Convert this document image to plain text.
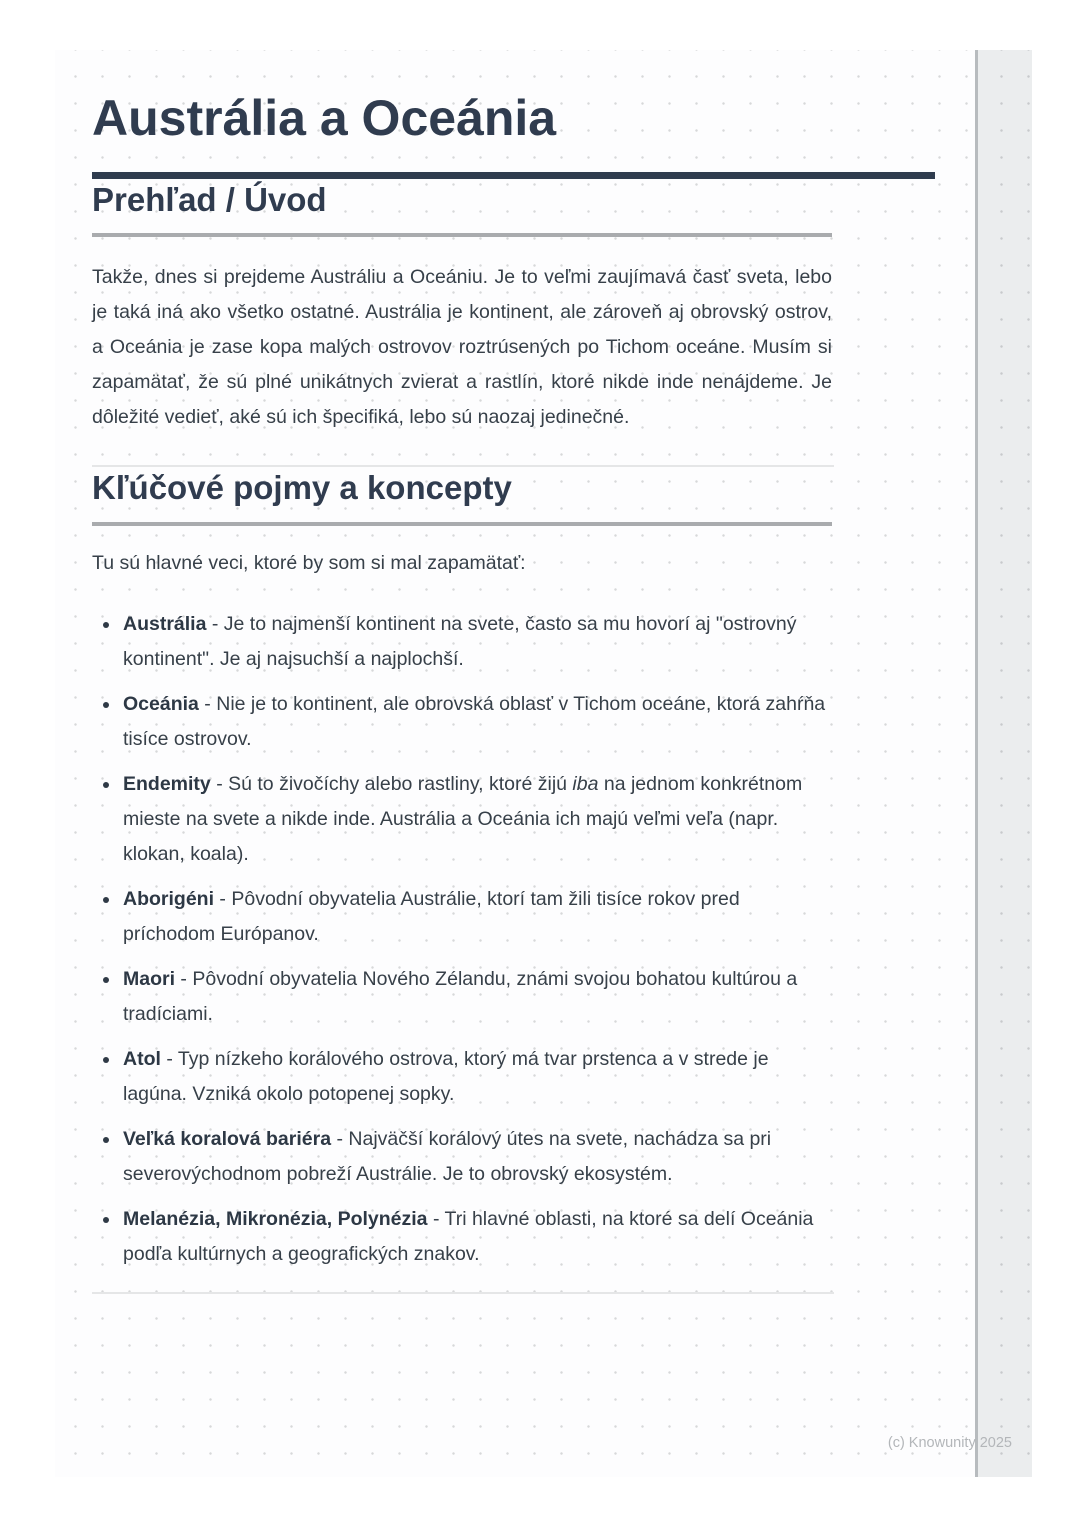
Austrália a Oceánia
Prehľad / Úvod

Takže, dnes si prejdeme Austráliu a Oceániu. Je to veľmi zaujímavá časť sveta, lebo je taká iná ako všetko ostatné. Austrália je kontinent, ale zároveň aj obrovský ostrov, a Oceánia je zase kopa malých ostrovov roztrúsených po Tichom oceáne. Musím si zapamätať, že sú plné unikátnych zvierat a rastlín, ktoré nikde inde nenájdeme. Je dôležité vedieť, aké sú ich špecifiká, lebo sú naozaj jedinečné.

Kľúčové pojmy a koncepty

Tu sú hlavné veci, ktoré by som si mal zapamätať:

Austrália - Je to najmenší kontinent na svete, často sa mu hovorí aj "ostrovný kontinent". Je aj najsuchší a najplochší.
Oceánia - Nie je to kontinent, ale obrovská oblasť v Tichom oceáne, ktorá zahŕňa tisíce ostrovov.
Endemity - Sú to živočíchy alebo rastliny, ktoré žijú iba na jednom konkrétnom mieste na svete a nikde inde. Austrália a Oceánia ich majú veľmi veľa (napr. klokan, koala).
Aborigéni - Pôvodní obyvatelia Austrálie, ktorí tam žili tisíce rokov pred príchodom Európanov.
Maori - Pôvodní obyvatelia Nového Zélandu, známi svojou bohatou kultúrou a tradíciami.
Atol - Typ nízkeho korálového ostrova, ktorý má tvar prstenca a v strede je lagúna. Vzniká okolo potopenej sopky.
Veľká koralová bariéra - Najväčší korálový útes na svete, nachádza sa pri severovýchodnom pobreží Austrálie. Je to obrovský ekosystém.
Melanézia, Mikronézia, Polynézia - Tri hlavné oblasti, na ktoré sa delí Oceánia podľa kultúrnych a geografických znakov.
(c) Knowunity 2025
